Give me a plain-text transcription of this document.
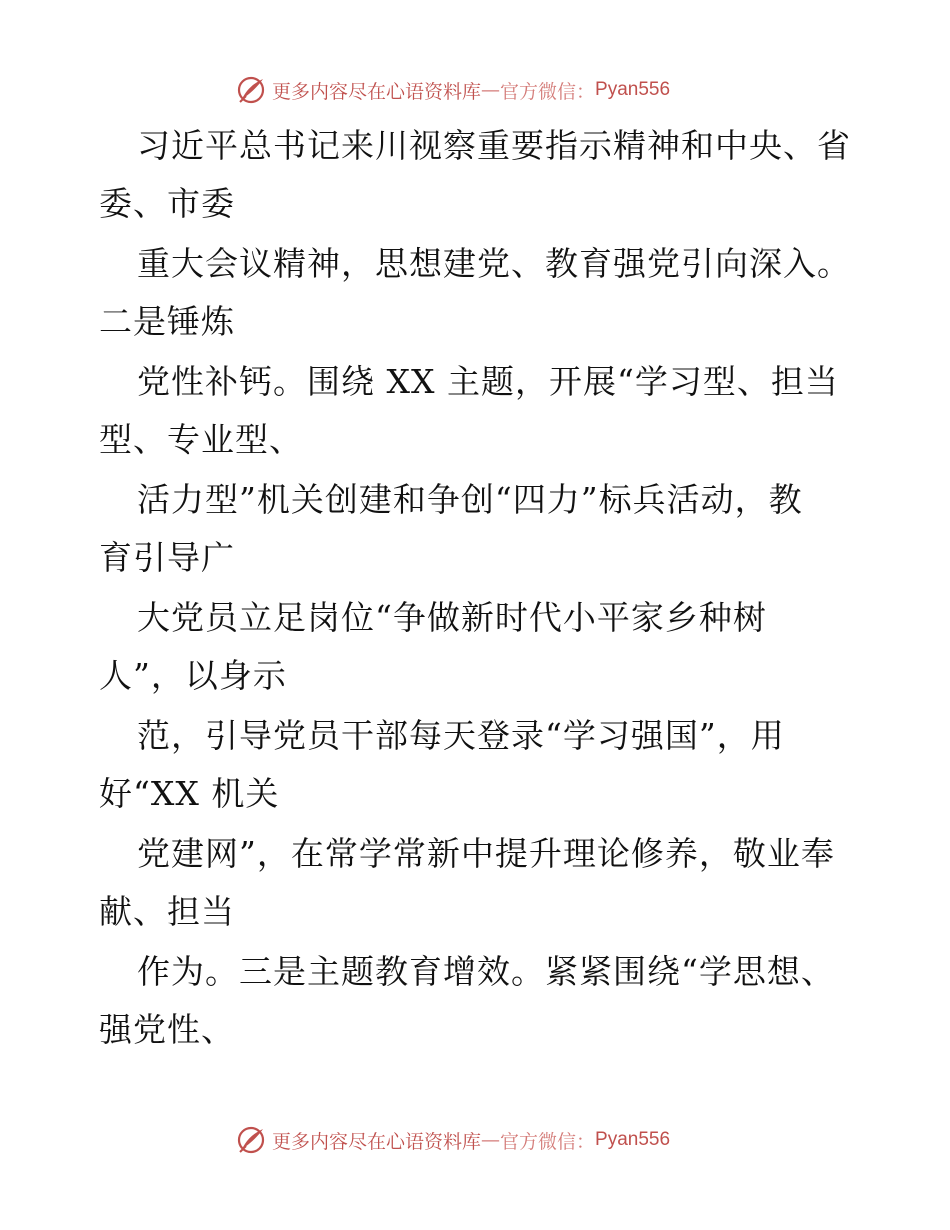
更多内容尽在心语资料库 — 官方微信： Pyan556
习近平总书记来川视察重要指示精神和中央、省
委、市委
重大会议精神，思想建党、教育强党引向深入。
二是锤炼
党性补钙。围绕 XX 主题，开展“学习型、担当
型、专业型、
活力型”机关创建和争创“四力”标兵活动，教
育引导广
大党员立足岗位“争做新时代小平家乡种树
人”，以身示
范，引导党员干部每天登录“学习强国”，用
好“XX 机关
党建网”，在常学常新中提升理论修养，敬业奉
献、担当
作为。三是主题教育增效。紧紧围绕“学思想、
强党性、
更多内容尽在心语资料库 — 官方微信： Pyan556
